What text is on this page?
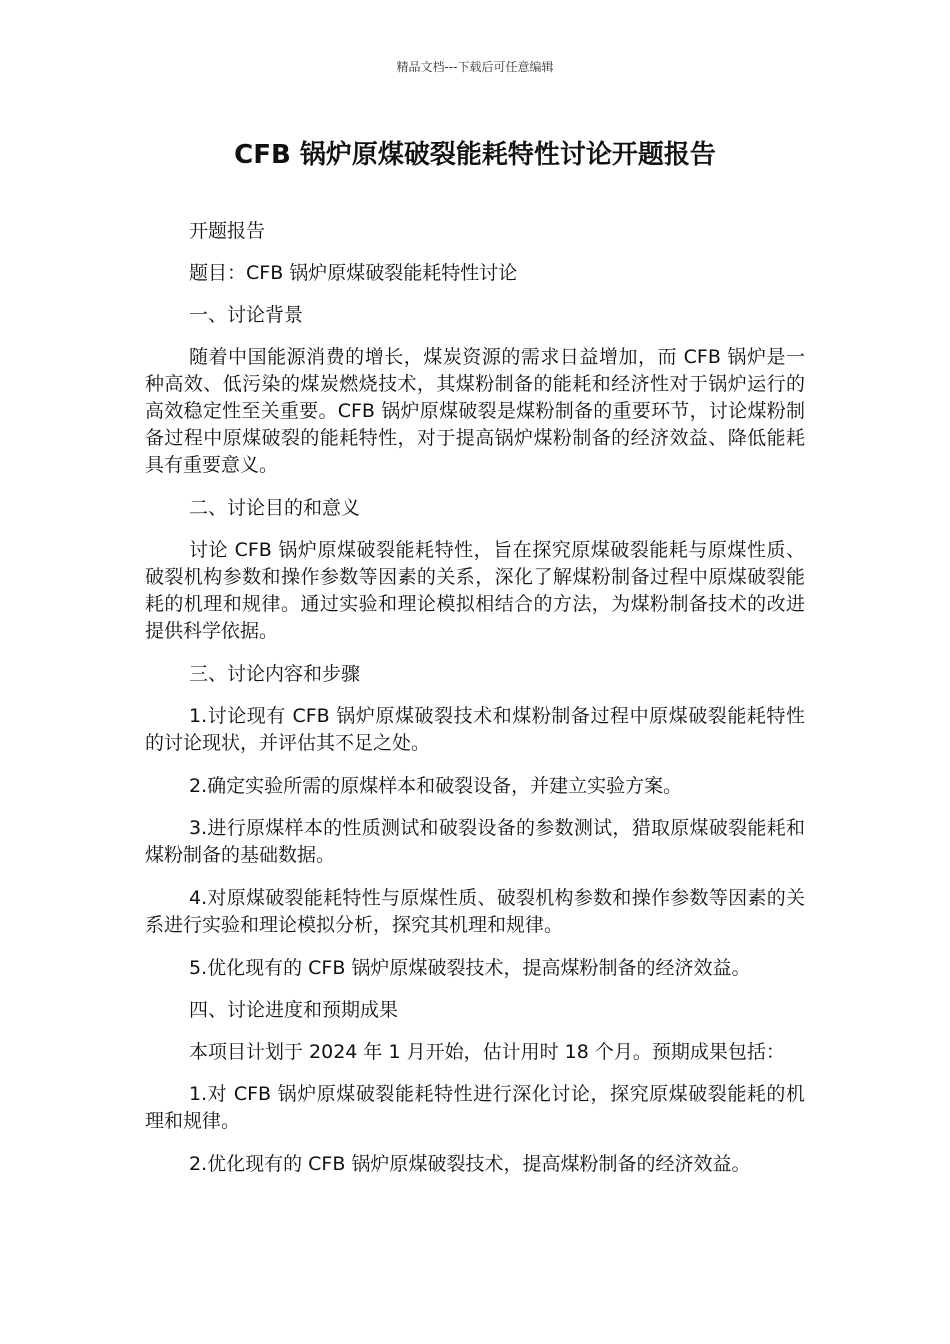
精品文档---下载后可任意编辑
CFB 锅炉原煤破裂能耗特性讨论开题报告

开题报告

题目：CFB 锅炉原煤破裂能耗特性讨论

一、讨论背景

随着中国能源消费的增长，煤炭资源的需求日益增加，而 CFB 锅炉是一种高效、低污染的煤炭燃烧技术，其煤粉制备的能耗和经济性对于锅炉运行的高效稳定性至关重要。CFB 锅炉原煤破裂是煤粉制备的重要环节，讨论煤粉制备过程中原煤破裂的能耗特性，对于提高锅炉煤粉制备的经济效益、降低能耗具有重要意义。

二、讨论目的和意义

讨论 CFB 锅炉原煤破裂能耗特性，旨在探究原煤破裂能耗与原煤性质、破裂机构参数和操作参数等因素的关系，深化了解煤粉制备过程中原煤破裂能耗的机理和规律。通过实验和理论模拟相结合的方法，为煤粉制备技术的改进提供科学依据。

三、讨论内容和步骤

1.讨论现有 CFB 锅炉原煤破裂技术和煤粉制备过程中原煤破裂能耗特性的讨论现状，并评估其不足之处。

2.确定实验所需的原煤样本和破裂设备，并建立实验方案。

3.进行原煤样本的性质测试和破裂设备的参数测试，猎取原煤破裂能耗和煤粉制备的基础数据。

4.对原煤破裂能耗特性与原煤性质、破裂机构参数和操作参数等因素的关系进行实验和理论模拟分析，探究其机理和规律。

5.优化现有的 CFB 锅炉原煤破裂技术，提高煤粉制备的经济效益。

四、讨论进度和预期成果

本项目计划于 2024 年 1 月开始，估计用时 18 个月。预期成果包括：

1.对 CFB 锅炉原煤破裂能耗特性进行深化讨论，探究原煤破裂能耗的机理和规律。

2.优化现有的 CFB 锅炉原煤破裂技术，提高煤粉制备的经济效益。
